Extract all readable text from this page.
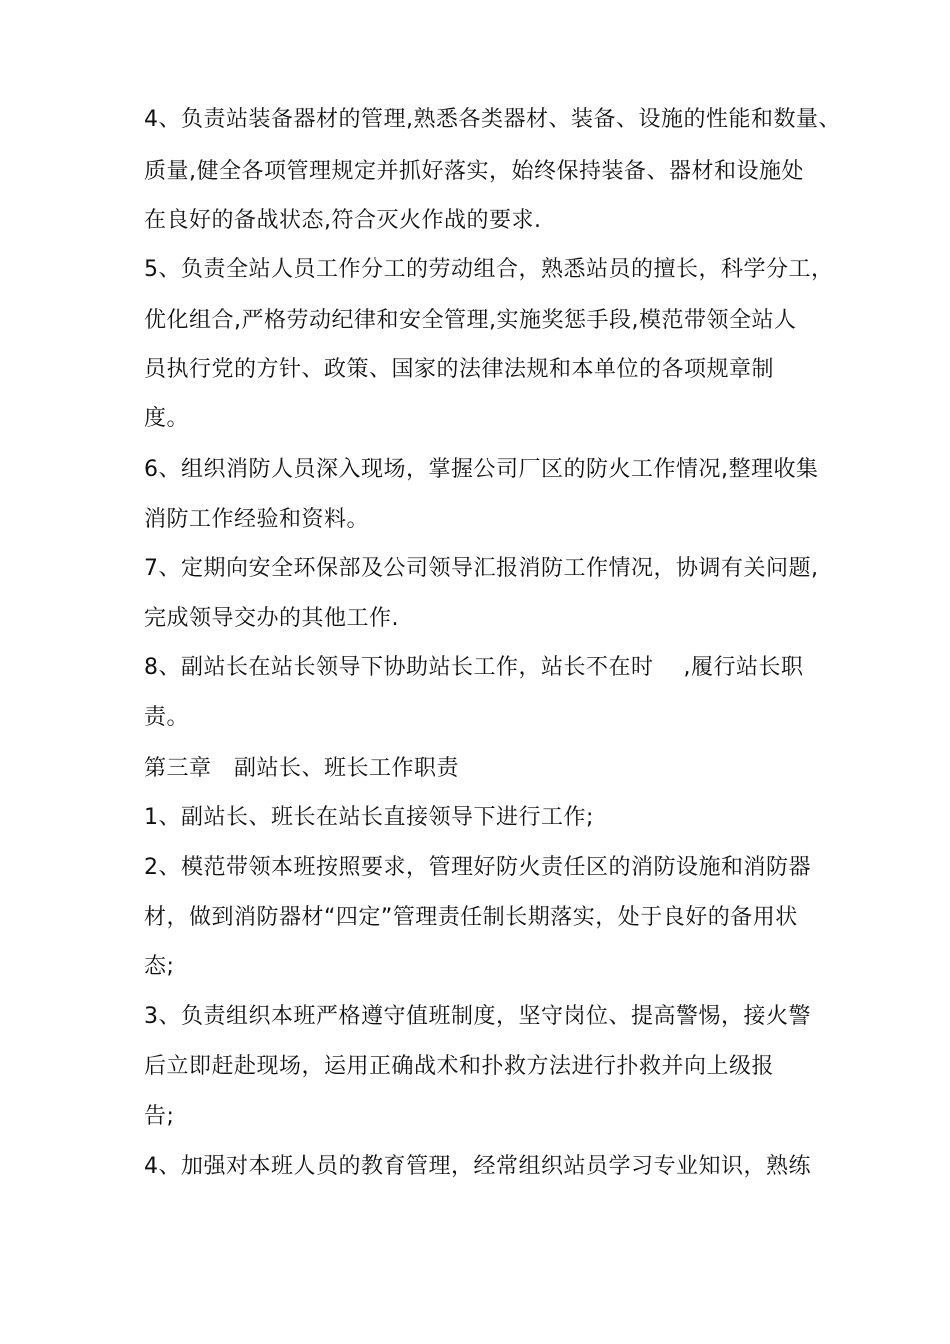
4、负责站装备器材的管理,熟悉各类器材、装备、设施的性能和数量、
质量,健全各项管理规定并抓好落实，始终保持装备、器材和设施处
在良好的备战状态,符合灭火作战的要求.
5、负责全站人员工作分工的劳动组合，熟悉站员的擅长，科学分工，
优化组合,严格劳动纪律和安全管理,实施奖惩手段,模范带领全站人
员执行党的方针、政策、国家的法律法规和本单位的各项规章制
度。
6、组织消防人员深入现场，掌握公司厂区的防火工作情况,整理收集
消防工作经验和资料。
7、定期向安全环保部及公司领导汇报消防工作情况，协调有关问题,
完成领导交办的其他工作.
8、副站长在站长领导下协助站长工作，站长不在时　 ,履行站长职
责。
第三章　副站长、班长工作职责
1、副站长、班长在站长直接领导下进行工作;
2、模范带领本班按照要求，管理好防火责任区的消防设施和消防器
材，做到消防器材“四定”管理责任制长期落实，处于良好的备用状
态;
3、负责组织本班严格遵守值班制度，坚守岗位、提高警惕，接火警
后立即赶赴现场，运用正确战术和扑救方法进行扑救并向上级报
告;
4、加强对本班人员的教育管理，经常组织站员学习专业知识，熟练
